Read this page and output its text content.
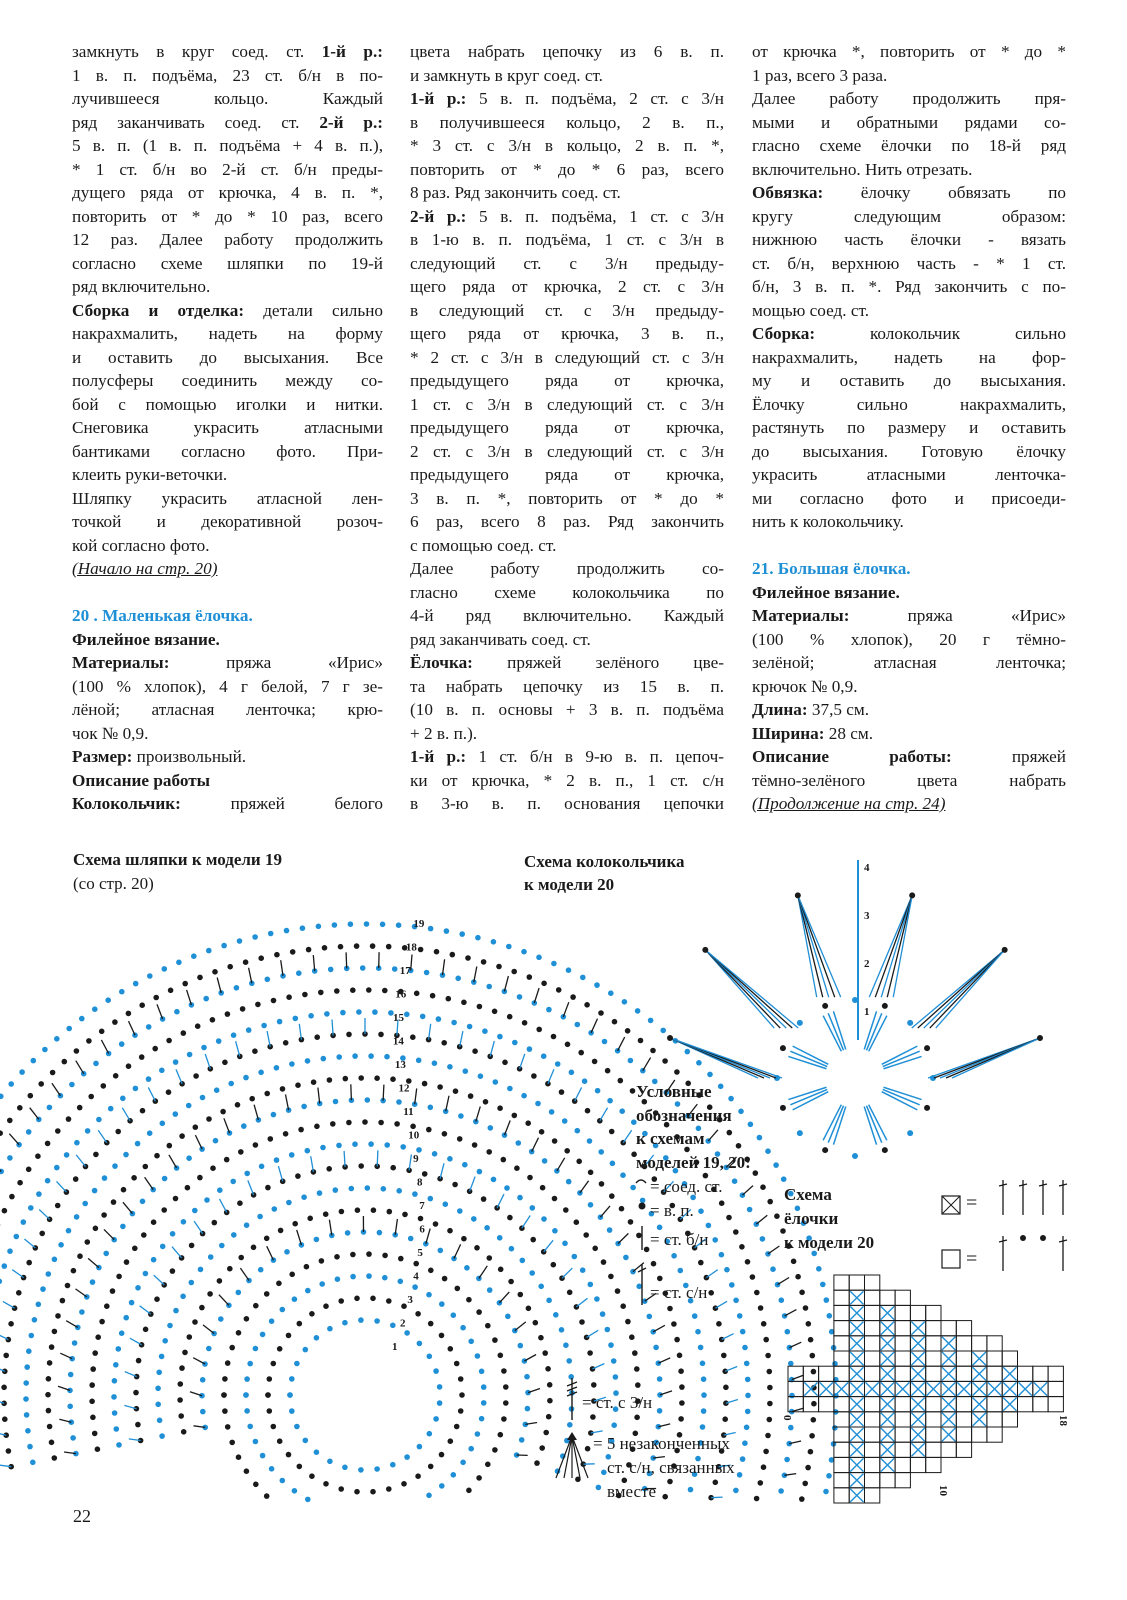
замкнуть в круг соед. ст. 1-й р.:
1 в. п. подъёма, 23 ст. б/н в по-
лучившееся кольцо. Каждый
ряд заканчивать соед. ст. 2-й р.:
5 в. п. (1 в. п. подъёма + 4 в. п.),
* 1 ст. б/н во 2-й ст. б/н преды-
дущего ряда от крючка, 4 в. п. *,
повторить от * до * 10 раз, всего
12 раз. Далее работу продолжить
согласно схеме шляпки по 19-й
ряд включительно.
Сборка и отделка: детали сильно
накрахмалить, надеть на форму
и оставить до высыхания. Все
полусферы соединить между со-
бой с помощью иголки и нитки.
Снеговика украсить атласными
бантиками согласно фото. При-
клеить руки-веточки.
Шляпку украсить атласной лен-
точкой и декоративной розоч-
кой согласно фото.
(Начало на стр. 20)

20 . Маленькая ёлочка.
Филейное вязание.
Материалы: пряжа «Ирис»
(100 % хлопок), 4 г белой, 7 г зе-
лёной; атласная ленточка; крю-
чок № 0,9.
Размер: произвольный.
Описание работы
Колокольчик: пряжей белого
цвета набрать цепочку из 6 в. п.
и замкнуть в круг соед. ст.
1-й р.: 5 в. п. подъёма, 2 ст. с 3/н
в получившееся кольцо, 2 в. п.,
* 3 ст. с 3/н в кольцо, 2 в. п. *,
повторить от * до * 6 раз, всего
8 раз. Ряд закончить соед. ст.
2-й р.: 5 в. п. подъёма, 1 ст. с 3/н
в 1-ю в. п. подъёма, 1 ст. с 3/н в
следующий ст. с 3/н предыду-
щего ряда от крючка, 2 ст. с 3/н
в следующий ст. с 3/н предыду-
щего ряда от крючка, 3 в. п.,
* 2 ст. с 3/н в следующий ст. с 3/н
предыдущего ряда от крючка,
1 ст. с 3/н в следующий ст. с 3/н
предыдущего ряда от крючка,
2 ст. с 3/н в следующий ст. с 3/н
предыдущего ряда от крючка,
3 в. п. *, повторить от * до *
6 раз, всего 8 раз. Ряд закончить
с помощью соед. ст.
Далее работу продолжить со-
гласно схеме колокольчика по
4-й ряд включительно. Каждый
ряд заканчивать соед. ст.
Ёлочка: пряжей зелёного цве-
та набрать цепочку из 15 в. п.
(10 в. п. основы + 3 в. п. подъёма
+ 2 в. п.).
1-й р.: 1 ст. б/н в 9-ю в. п. цепоч-
ки от крючка, * 2 в. п., 1 ст. с/н
в 3-ю в. п. основания цепочки
от крючка *, повторить от * до *
1 раз, всего 3 раза.
Далее работу продолжить пря-
мыми и обратными рядами со-
гласно схеме ёлочки по 18-й ряд
включительно. Нить отрезать.
Обвязка: ёлочку обвязать по
кругу следующим образом:
нижнюю часть ёлочки - вязать
ст. б/н, верхнюю часть - * 1 ст.
б/н, 3 в. п. *. Ряд закончить с по-
мощью соед. ст.
Сборка: колокольчик сильно
накрахмалить, надеть на фор-
му и оставить до высыхания.
Ёлочку сильно накрахмалить,
растянуть по размеру и оставить
до высыхания. Готовую ёлочку
украсить атласными ленточка-
ми согласно фото и присоеди-
нить к колокольчику.

21. Большая ёлочка.
Филейное вязание.
Материалы: пряжа «Ирис»
(100 % хлопок), 20 г тёмно-
зелёной; атласная ленточка;
крючок № 0,9.
Длина: 37,5 см.
Ширина: 28 см.
Описание работы: пряжей
тёмно-зелёного цвета набрать
(Продолжение на стр. 24)
1
2
3
4
5
6
7
8
9
10
11
12
13
14
15
16
17
18
19
1
2
3
4
0	18
10
Схема шляпки к модели 19
(со стр. 20)
Схема колокольчика
к модели 20
Условные
обозначения
к схемам
моделей 19, 20:
= соед. ст.
= в. п.
= ст. б/н
= ст. с/н
= ст. с 3/н
= 5 незаконченных
ст. с/н, связанных
вместе
Схема
ёлочки
к модели 20
=
=
22
